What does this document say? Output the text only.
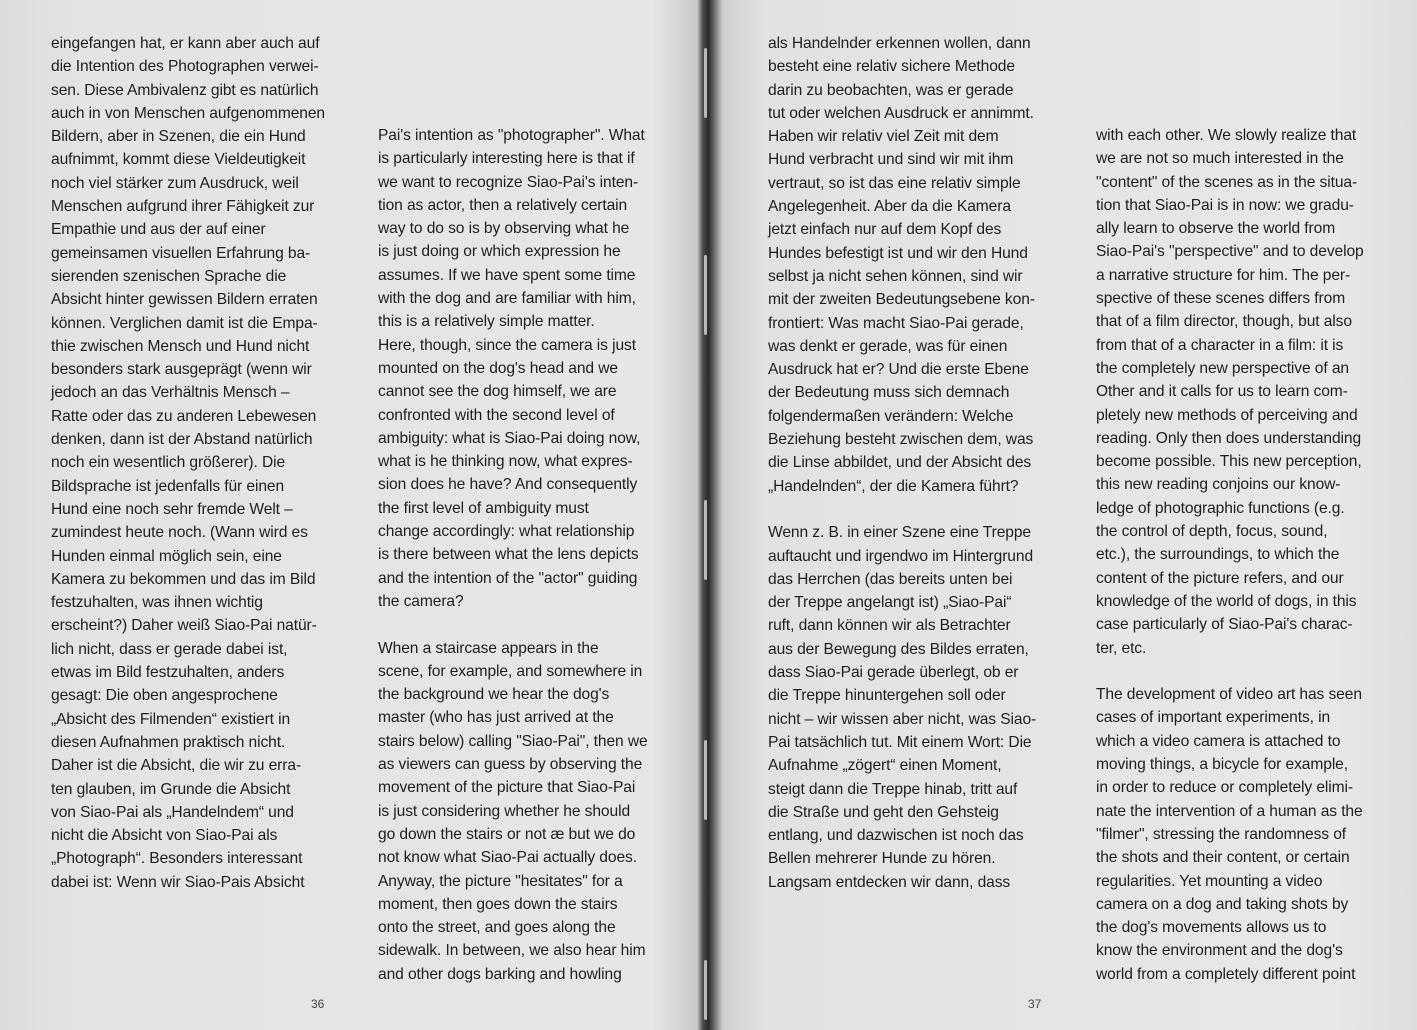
eingefangen hat, er kann aber auch auf
die Intention des Photographen verwei-
sen. Diese Ambivalenz gibt es natürlich
auch in von Menschen aufgenommenen
Bildern, aber in Szenen, die ein Hund
aufnimmt, kommt diese Vieldeutigkeit
noch viel stärker zum Ausdruck, weil
Menschen aufgrund ihrer Fähigkeit zur
Empathie und aus der auf einer
gemeinsamen visuellen Erfahrung ba-
sierenden szenischen Sprache die
Absicht hinter gewissen Bildern erraten
können. Verglichen damit ist die Empa-
thie zwischen Mensch und Hund nicht
besonders stark ausgeprägt (wenn wir
jedoch an das Verhältnis Mensch –
Ratte oder das zu anderen Lebewesen
denken, dann ist der Abstand natürlich
noch ein wesentlich größerer). Die
Bildsprache ist jedenfalls für einen
Hund eine noch sehr fremde Welt –
zumindest heute noch. (Wann wird es
Hunden einmal möglich sein, eine
Kamera zu bekommen und das im Bild
festzuhalten, was ihnen wichtig
erscheint?) Daher weiß Siao-Pai natür-
lich nicht, dass er gerade dabei ist,
etwas im Bild festzuhalten, anders
gesagt: Die oben angesprochene
„Absicht des Filmenden“ existiert in
diesen Aufnahmen praktisch nicht.
Daher ist die Absicht, die wir zu erra-
ten glauben, im Grunde die Absicht
von Siao-Pai als „Handelndem“ und
nicht die Absicht von Siao-Pai als
„Photograph“. Besonders interessant
dabei ist: Wenn wir Siao-Pais Absicht
Pai's intention as "photographer". What
is particularly interesting here is that if
we want to recognize Siao-Pai's inten-
tion as actor, then a relatively certain
way to do so is by observing what he
is just doing or which expression he
assumes. If we have spent some time
with the dog and are familiar with him,
this is a relatively simple matter.
Here, though, since the camera is just
mounted on the dog's head and we
cannot see the dog himself, we are
confronted with the second level of
ambiguity: what is Siao-Pai doing now,
what is he thinking now, what expres-
sion does he have? And consequently
the first level of ambiguity must
change accordingly: what relationship
is there between what the lens depicts
and the intention of the "actor" guiding
the camera?
When a staircase appears in the
scene, for example, and somewhere in
the background we hear the dog's
master (who has just arrived at the
stairs below) calling "Siao-Pai", then we
as viewers can guess by observing the
movement of the picture that Siao-Pai
is just considering whether he should
go down the stairs or not æ but we do
not know what Siao-Pai actually does.
Anyway, the picture "hesitates" for a
moment, then goes down the stairs
onto the street, and goes along the
sidewalk. In between, we also hear him
and other dogs barking and howling
36
als Handelnder erkennen wollen, dann
besteht eine relativ sichere Methode
darin zu beobachten, was er gerade
tut oder welchen Ausdruck er annimmt.
Haben wir relativ viel Zeit mit dem
Hund verbracht und sind wir mit ihm
vertraut, so ist das eine relativ simple
Angelegenheit. Aber da die Kamera
jetzt einfach nur auf dem Kopf des
Hundes befestigt ist und wir den Hund
selbst ja nicht sehen können, sind wir
mit der zweiten Bedeutungsebene kon-
frontiert: Was macht Siao-Pai gerade,
was denkt er gerade, was für einen
Ausdruck hat er? Und die erste Ebene
der Bedeutung muss sich demnach
folgendermaßen verändern: Welche
Beziehung besteht zwischen dem, was
die Linse abbildet, und der Absicht des
„Handelnden“, der die Kamera führt?
Wenn z. B. in einer Szene eine Treppe
auftaucht und irgendwo im Hintergrund
das Herrchen (das bereits unten bei
der Treppe angelangt ist) „Siao-Pai“
ruft, dann können wir als Betrachter
aus der Bewegung des Bildes erraten,
dass Siao-Pai gerade überlegt, ob er
die Treppe hinuntergehen soll oder
nicht – wir wissen aber nicht, was Siao-
Pai tatsächlich tut. Mit einem Wort: Die
Aufnahme „zögert“ einen Moment,
steigt dann die Treppe hinab, tritt auf
die Straße und geht den Gehsteig
entlang, und dazwischen ist noch das
Bellen mehrerer Hunde zu hören.
Langsam entdecken wir dann, dass
with each other. We slowly realize that
we are not so much interested in the
"content" of the scenes as in the situa-
tion that Siao-Pai is in now: we gradu-
ally learn to observe the world from
Siao-Pai's "perspective" and to develop
a narrative structure for him. The per-
spective of these scenes differs from
that of a film director, though, but also
from that of a character in a film: it is
the completely new perspective of an
Other and it calls for us to learn com-
pletely new methods of perceiving and
reading. Only then does understanding
become possible. This new perception,
this new reading conjoins our know-
ledge of photographic functions (e.g.
the control of depth, focus, sound,
etc.), the surroundings, to which the
content of the picture refers, and our
knowledge of the world of dogs, in this
case particularly of Siao-Pai's charac-
ter, etc.
The development of video art has seen
cases of important experiments, in
which a video camera is attached to
moving things, a bicycle for example,
in order to reduce or completely elimi-
nate the intervention of a human as the
"filmer", stressing the randomness of
the shots and their content, or certain
regularities. Yet mounting a video
camera on a dog and taking shots by
the dog's movements allows us to
know the environment and the dog's
world from a completely different point
37
